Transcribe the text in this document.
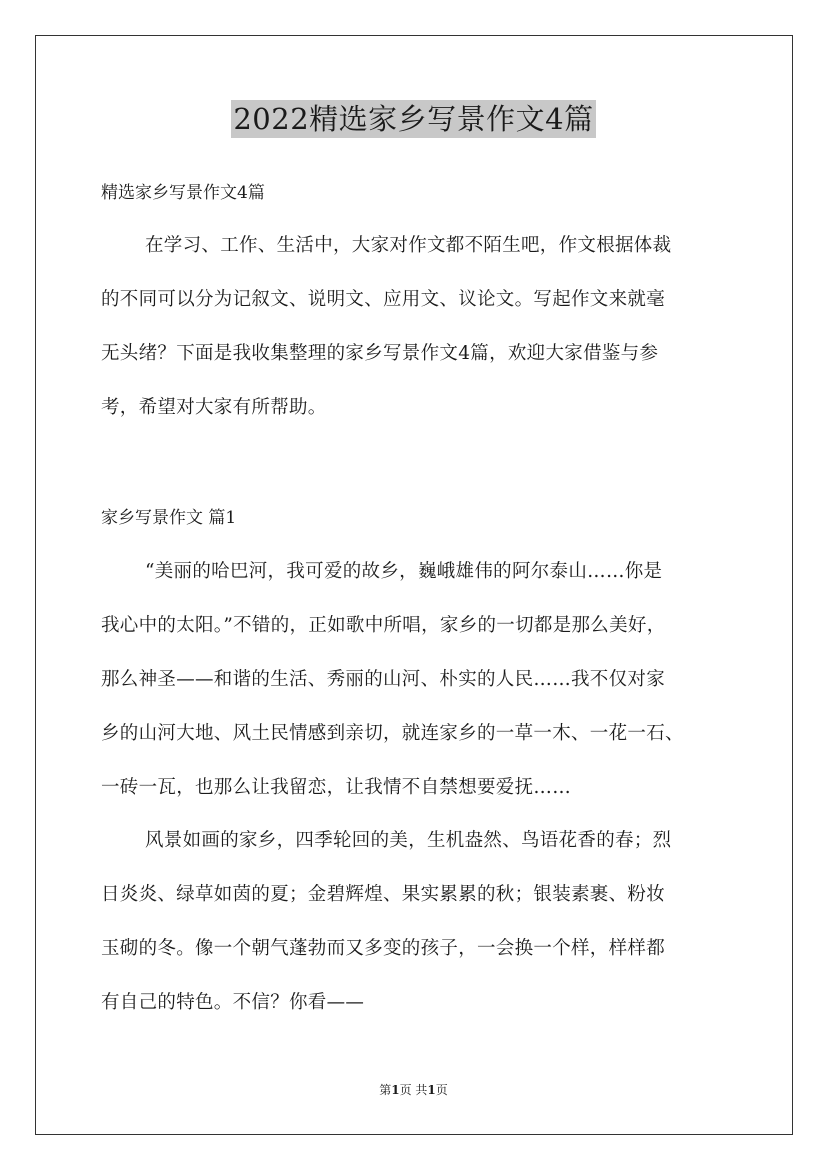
2022精选家乡写景作文4篇
精选家乡写景作文4篇
在学习、工作、生活中，大家对作文都不陌生吧，作文根据体裁
的不同可以分为记叙文、说明文、应用文、议论文。写起作文来就毫
无头绪？下面是我收集整理的家乡写景作文4篇，欢迎大家借鉴与参
考，希望对大家有所帮助。
家乡写景作文 篇1
“美丽的哈巴河，我可爱的故乡，巍峨雄伟的阿尔泰山……你是
我心中的太阳。”不错的，正如歌中所唱，家乡的一切都是那么美好，
那么神圣——和谐的生活、秀丽的山河、朴实的人民……我不仅对家
乡的山河大地、风土民情感到亲切，就连家乡的一草一木、一花一石、
一砖一瓦，也那么让我留恋，让我情不自禁想要爱抚……
风景如画的家乡，四季轮回的美，生机盎然、鸟语花香的春；烈
日炎炎、绿草如茵的夏；金碧辉煌、果实累累的秋；银装素裹、粉妆
玉砌的冬。像一个朝气蓬勃而又多变的孩子，一会换一个样，样样都
有自己的特色。不信？你看——
第1页 共1页
